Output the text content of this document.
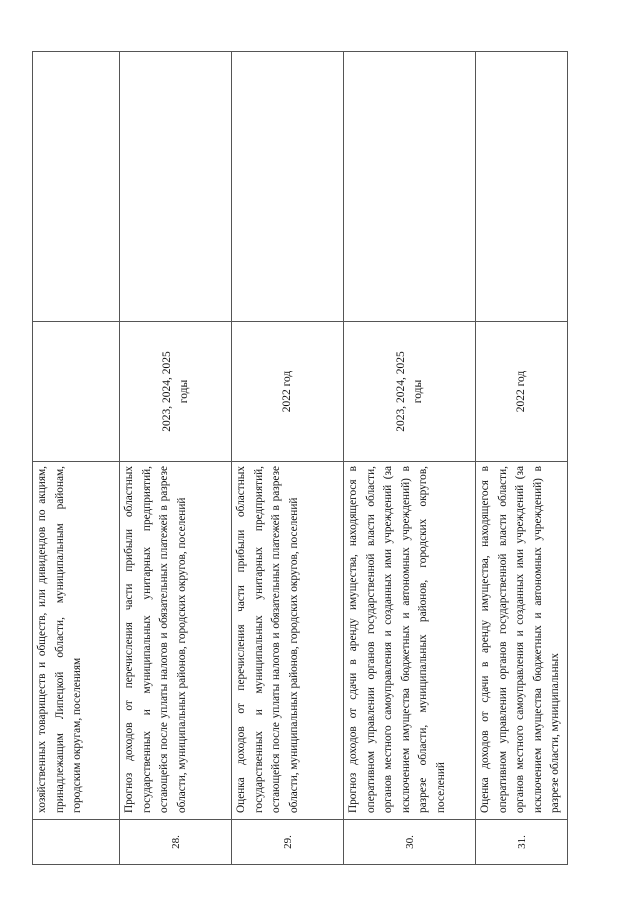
	хозяйственных товариществ и обществ, или дивидендов по акциям, принадлежащим Липецкой области, муниципальным районам, городским округам, поселениям		
28.	Прогноз доходов от перечисления части прибыли областных государственных и муниципальных унитарных предприятий, остающейся после уплаты налогов и обязательных платежей в разрезе области, муниципальных районов, городских округов, поселений	2023, 2024, 2025 годы	

29.	Оценка доходов от перечисления части прибыли областных государственных и муниципальных унитарных предприятий, остающейся после уплаты налогов и обязательных платежей в разрезе области, муниципальных районов, городских округов, поселений	2022 год	

30.	Прогноз доходов от сдачи в аренду имущества, находящегося в оперативном управлении органов государственной власти области, органов местного самоуправления и созданных ими учреждений (за исключением имущества бюджетных и автономных учреждений) в разрезе области, муниципальных районов, городских округов, поселений	2023, 2024, 2025 годы	

31.	Оценка доходов от сдачи в аренду имущества, находящегося в оперативном управлении органов государственной власти области, органов местного самоуправления и созданных ими учреждений (за исключением имущества бюджетных и автономных учреждений) в разрезе области, муниципальных	2022 год	
